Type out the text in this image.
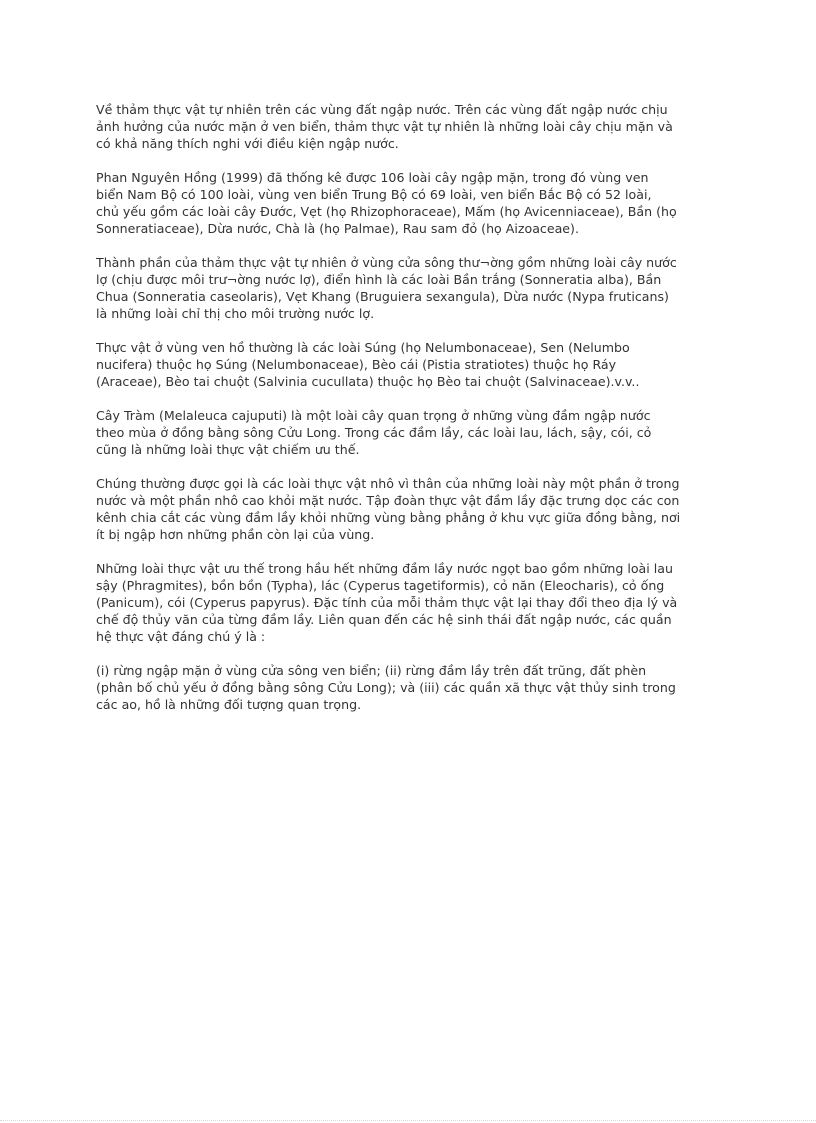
Về thảm thực vật tự nhiên trên các vùng đất ngập nước. Trên các vùng đất ngập nước chịu
ảnh hưởng của nước mặn ở ven biển, thảm thực vật tự nhiên là những loài cây chịu mặn và
có khả năng thích nghi với điều kiện ngập nước.

Phan Nguyên Hồng (1999) đã thống kê được 106 loài cây ngập mặn, trong đó vùng ven
biển Nam Bộ có 100 loài, vùng ven biển Trung Bộ có 69 loài, ven biển Bắc Bộ có 52 loài,
chủ yếu gồm các loài cây Đước, Vẹt (họ Rhizophoraceae), Mấm (họ Avicenniaceae), Bần (họ
Sonneratiaceae), Dừa nước, Chà là (họ Palmae), Rau sam đỏ (họ Aizoaceae).

Thành phần của thảm thực vật tự nhiên ở vùng cửa sông thư¬ờng gồm những loài cây nước
lợ (chịu được môi trư¬ờng nước lợ), điển hình là các loài Bần trắng (Sonneratia alba), Bần
Chua (Sonneratia caseolaris), Vẹt Khang (Bruguiera sexangula), Dừa nước (Nypa fruticans)
là những loài chỉ thị cho môi trường nước lợ.

Thực vật ở vùng ven hồ thường là các loài Súng (họ Nelumbonaceae), Sen (Nelumbo
nucifera) thuộc họ Súng (Nelumbonaceae), Bèo cái (Pistia stratiotes) thuộc họ Ráy
(Araceae), Bèo tai chuột (Salvinia cucullata) thuộc họ Bèo tai chuột (Salvinaceae).v.v..

Cây Tràm (Melaleuca cajuputi) là một loài cây quan trọng ở những vùng đầm ngập nước
theo mùa ở đồng bằng sông Cửu Long. Trong các đầm lầy, các loài lau, lách, sậy, cói, cỏ
cũng là những loài thực vật chiếm ưu thế.

Chúng thường được gọi là các loài thực vật nhô vì thân của những loài này một phần ở trong
nước và một phần nhô cao khỏi mặt nước. Tập đoàn thực vật đầm lầy đặc trưng dọc các con
kênh chia cắt các vùng đầm lầy khỏi những vùng bằng phẳng ở khu vực giữa đồng bằng, nơi
ít bị ngập hơn những phần còn lại của vùng.

Những loài thực vật ưu thế trong hầu hết những đầm lầy nước ngọt bao gồm những loài lau
sậy (Phragmites), bồn bồn (Typha), lác (Cyperus tagetiformis), cỏ năn (Eleocharis), cỏ ống
(Panicum), cói (Cyperus papyrus). Đặc tính của mỗi thảm thực vật lại thay đổi theo địa lý và
chế độ thủy văn của từng đầm lầy. Liên quan đến các hệ sinh thái đất ngập nước, các quần
hệ thực vật đáng chú ý là :

(i) rừng ngập mặn ở vùng cửa sông ven biển; (ii) rừng đầm lầy trên đất trũng, đất phèn
(phân bố chủ yếu ở đồng bằng sông Cửu Long); và (iii) các quần xã thực vật thủy sinh trong
các ao, hồ là những đối tượng quan trọng.
